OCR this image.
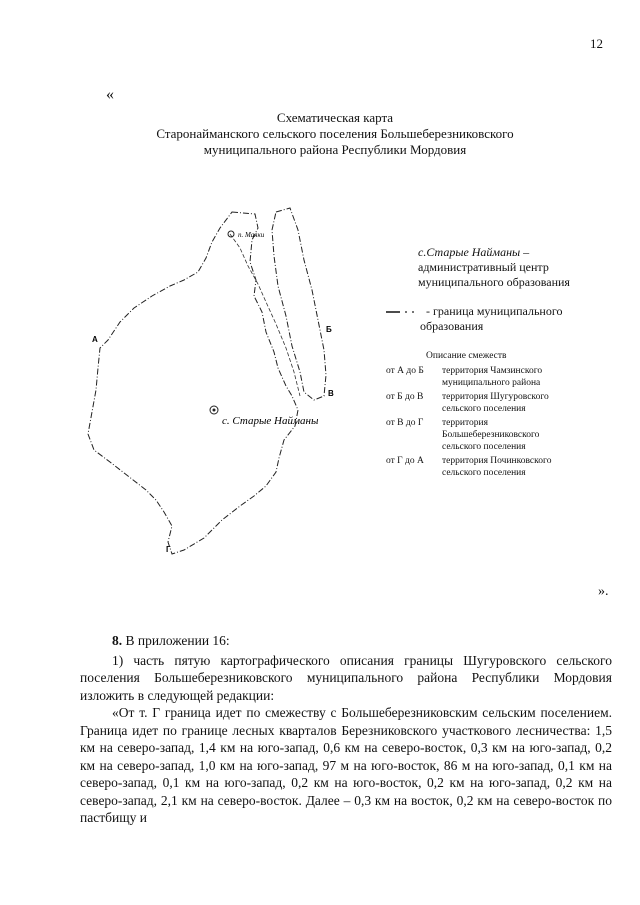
12
«
Схематическая карта
Старонайманского сельского поселения Большеберезниковского
муниципального района Республики Мордовия
п. Маяки
с. Старые Найманы
А
Б
В
Г
с.Старые Найманы –
административный центр
муниципального образования
- граница муниципального
образования
Описание смежеств
от А до Б	территория Чамзинского
муниципального района
от Б до В	территория Шугуровского
сельского поселения
от В до Г	территория
Большеберезниковского
сельского поселения
от Г до А	территория Починковского
сельского поселения
».
8. В приложении 16:
1) часть пятую картографического описания границы Шугуровского сельского поселения Большеберезниковского муниципального района Республики Мордовия изложить в следующей редакции:
«От т. Г граница идет по смежеству с Большеберезниковским сельским поселением. Граница идет по границе лесных кварталов Березниковского участкового лесничества: 1,5 км на северо-запад, 1,4 км на юго-запад, 0,6 км на северо-восток, 0,3 км на юго-запад, 0,2 км на северо-запад, 1,0 км на юго-запад, 97 м на юго-восток, 86 м на юго-запад, 0,1 км на северо-запад, 0,1 км на юго-запад, 0,2 км на юго-восток, 0,2 км на юго-запад, 0,2 км на северо-запад, 2,1 км на северо-восток. Далее – 0,3 км на восток, 0,2 км на северо-восток по пастбищу и
